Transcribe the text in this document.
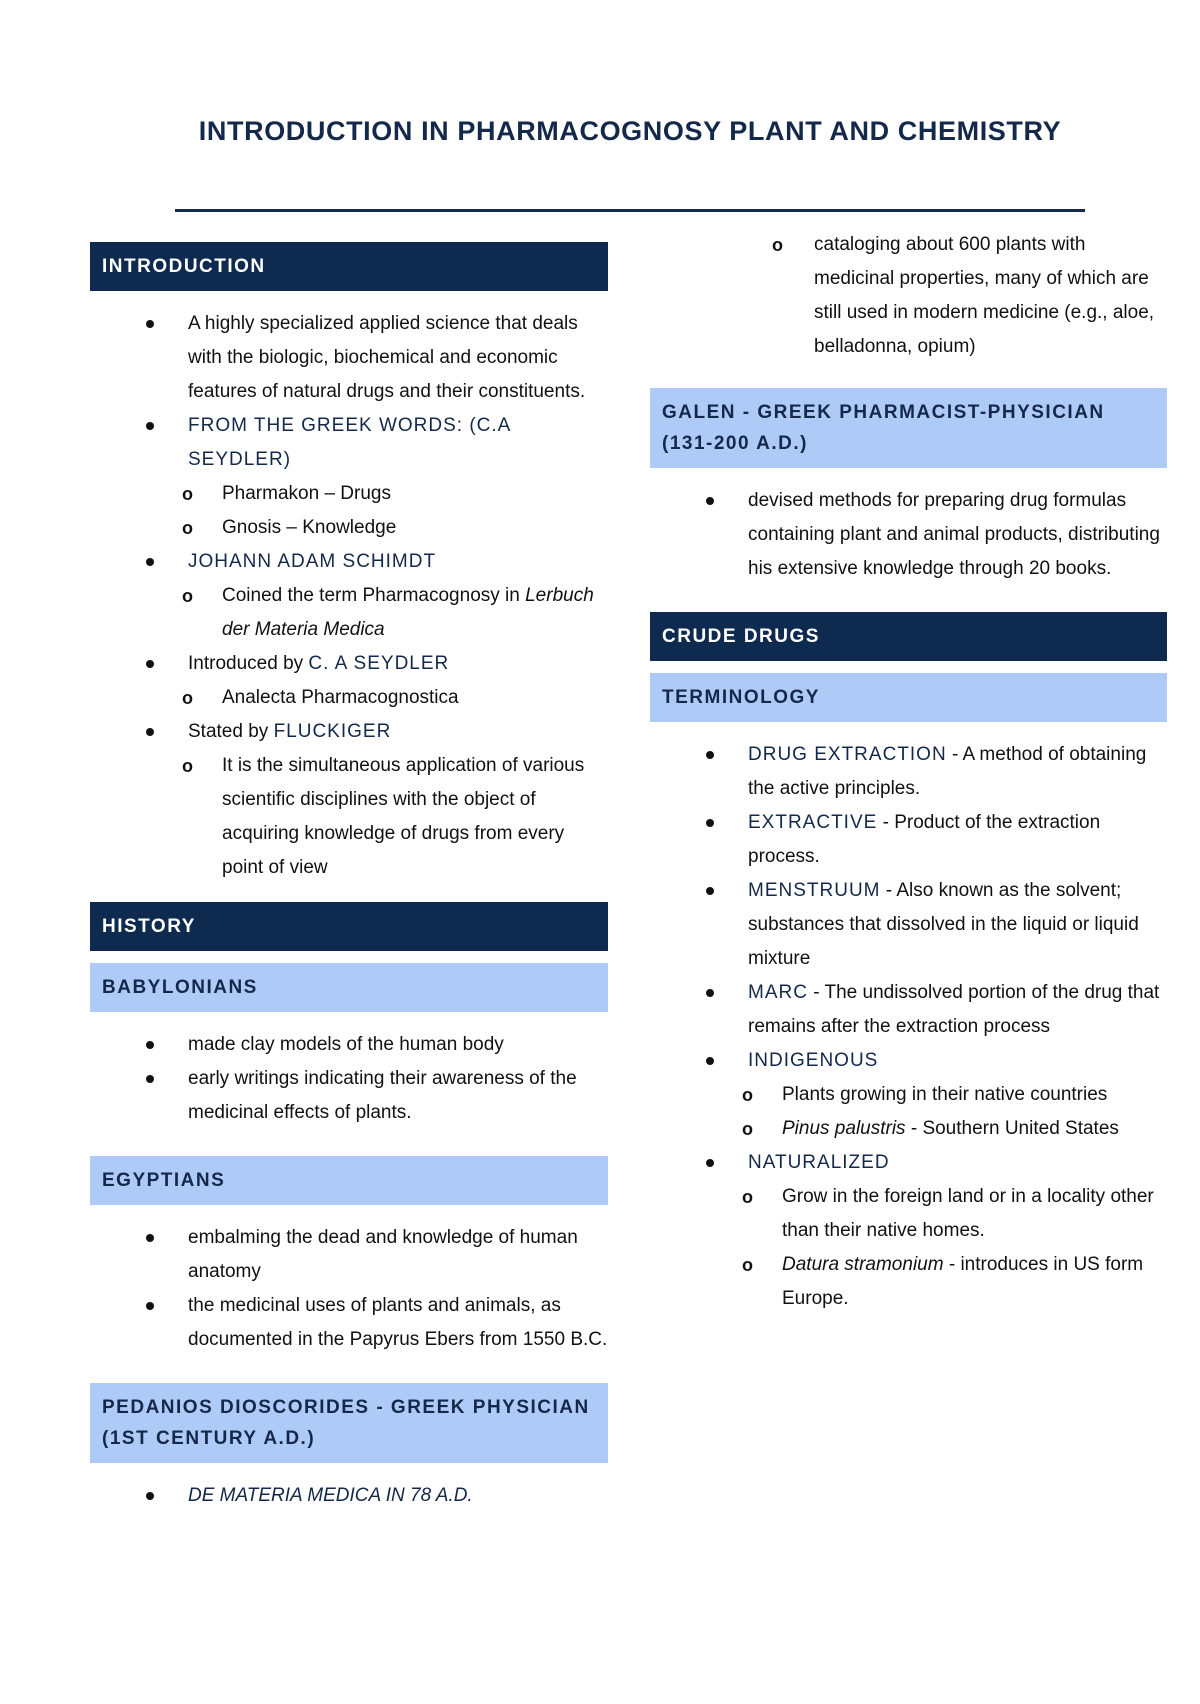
INTRODUCTION IN PHARMACOGNOSY PLANT AND CHEMISTRY
INTRODUCTION
A highly specialized applied science that deals with the biologic, biochemical and economic features of natural drugs and their constituents.
FROM THE GREEK WORDS: (C.A SEYDLER)
o Pharmakon – Drugs
o Gnosis – Knowledge
JOHANN ADAM SCHIMDT
o Coined the term Pharmacognosy in Lerbuch der Materia Medica
Introduced by C. A SEYDLER
o Analecta Pharmacognostica
Stated by FLUCKIGER
o It is the simultaneous application of various scientific disciplines with the object of acquiring knowledge of drugs from every point of view
HISTORY
BABYLONIANS
made clay models of the human body
early writings indicating their awareness of the medicinal effects of plants.
EGYPTIANS
embalming the dead and knowledge of human anatomy
the medicinal uses of plants and animals, as documented in the Papyrus Ebers from 1550 B.C.
PEDANIOS DIOSCORIDES - GREEK PHYSICIAN (1ST CENTURY A.D.)
DE MATERIA MEDICA IN 78 A.D.
o cataloging about 600 plants with medicinal properties, many of which are still used in modern medicine (e.g., aloe, belladonna, opium)
GALEN - GREEK PHARMACIST-PHYSICIAN (131-200 A.D.)
devised methods for preparing drug formulas containing plant and animal products, distributing his extensive knowledge through 20 books.
CRUDE DRUGS
TERMINOLOGY
DRUG EXTRACTION - A method of obtaining the active principles.
EXTRACTIVE - Product of the extraction process.
MENSTRUUM - Also known as the solvent; substances that dissolved in the liquid or liquid mixture
MARC - The undissolved portion of the drug that remains after the extraction process
INDIGENOUS
o Plants growing in their native countries
o Pinus palustris - Southern United States
NATURALIZED
o Grow in the foreign land or in a locality other than their native homes.
o Datura stramonium - introduces in US form Europe.
